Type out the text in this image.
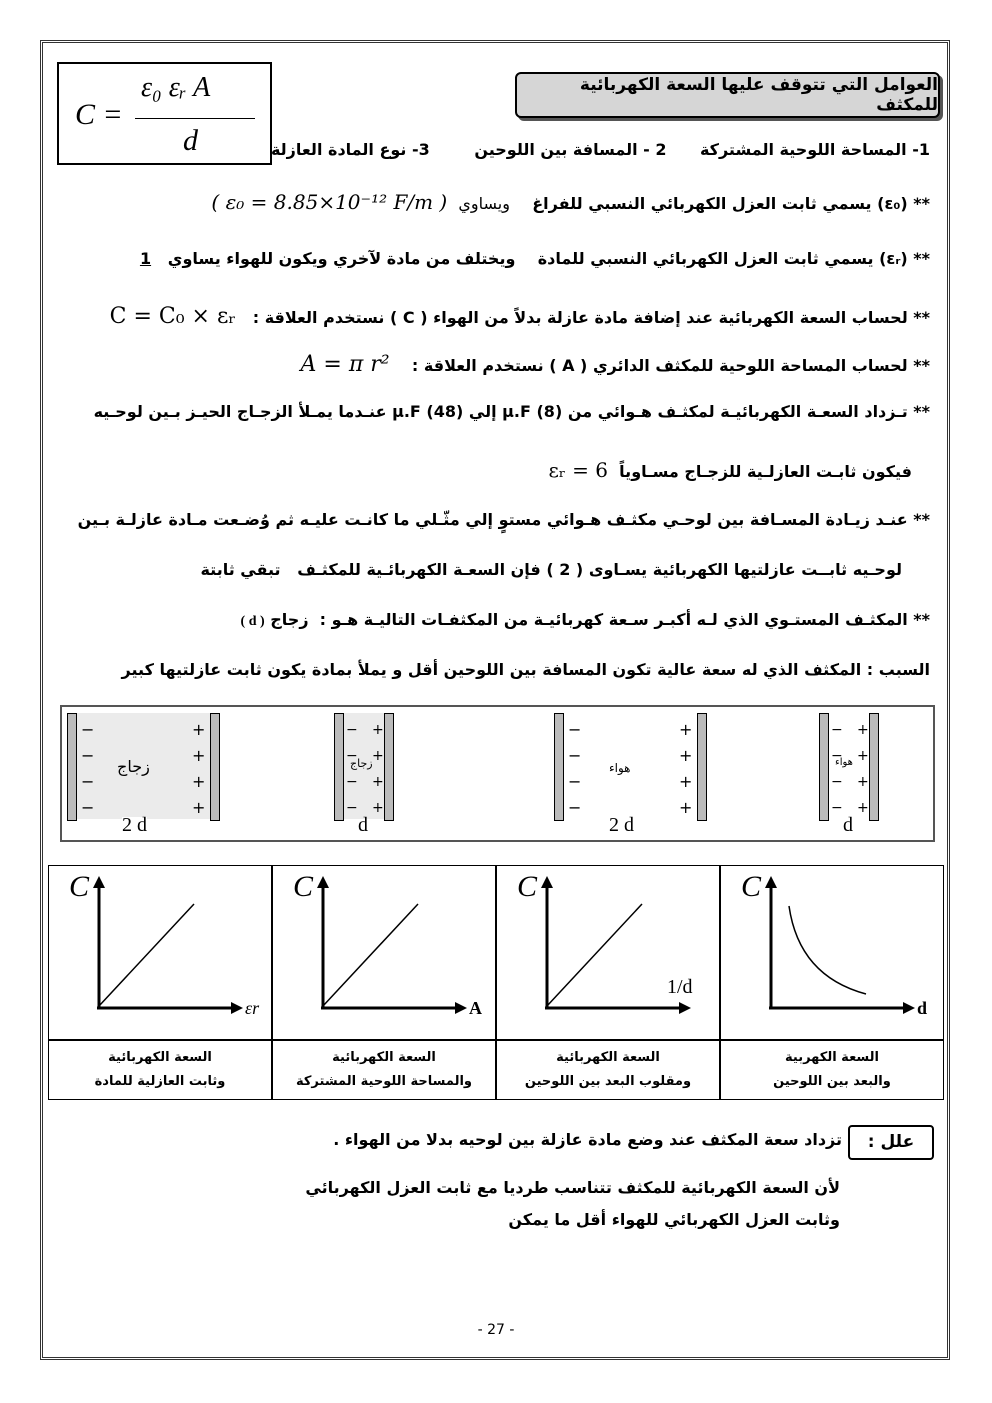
C =
ε₀ εᵣ A
d
العوامل التي تتوقف عليها السعة الكهربائية للمكثف
1- المساحة اللوحية المشتركة      2 - المسافة بين اللوحين        3- نوع المادة العازلة
** (ε₀) يسمي ثابت العزل الكهربائي النسبي للفراغ    ويساوي  ( ε₀ = 8.85×10⁻¹² F/m )
** (εᵣ) يسمي ثابت العزل الكهربائي النسبي للمادة    ويختلف من مادة لآخري ويكون للهواء يساوي   1
** لحساب السعة الكهربائية عند إضافة مادة عازلة بدلاً من الهواء ( C ) نستخدم العلاقة :   C = C₀ × εᵣ
** لحساب المساحة اللوحية للمكثف الدائري ( A ) نستخدم العلاقة :    A = π r²
** تـزداد السعـة الكهربائيـة لمكثـف هـوائي من μ.F (8) إلي μ.F (48) عنـدما يمـلأ الزجـاج الحيـز بـين لوحـيه
فيكون ثابـت العازلـية للزجـاج مسـاوياً  εᵣ = 6
** عنـد زيـادة المسـافة بين لوحـي مكثـف هـوائي مستوٍ إلي مثّـلي ما كانـت عليـه ثم وُضـعت مـادة عازلـة بـين
لوحـيه ثابــت عازلتيها الكهربائية يسـاوى ( 2 ) فإن السعـة الكهربائـية للمكثـف   تبقي ثابتة
** المكثـف المستـوي الذي لـه أكبـر سـعة كهربائيـة من المكثفـات التاليـة هـو :  زجاج ( d )
السبب : المكثف الذي له سعة عالية تكون المسافة بين اللوحين أقل و يملأ بمادة يكون ثابت عازلتيها كبير
−
−
−
−
+
+
+
+
زجاج
2 d
−
−
−
−
+
+
+
+
زجاج
d
−
−
−
−
+
+
+
+
هواء
2 d
−
−
−
−
+
+
+
+
هواء
d
C
εr
السعة الكهربائية
وثابت العازلية للمادة
C
A
السعة الكهربائية
والمساحة اللوحية المشتركة
C
1/d
السعة الكهربائية
ومقلوب البعد بين اللوحين
C
d
السعة الكهربية
والبعد بين اللوحين
علل :
تزداد سعة المكثف عند وضع مادة عازلة بين لوحيه بدلا من الهواء .
لأن السعة الكهربائية للمكثف تتناسب طرديا مع ثابت العزل الكهربائي
وثابت العزل الكهربائي للهواء أقل ما يمكن
- 27 -
